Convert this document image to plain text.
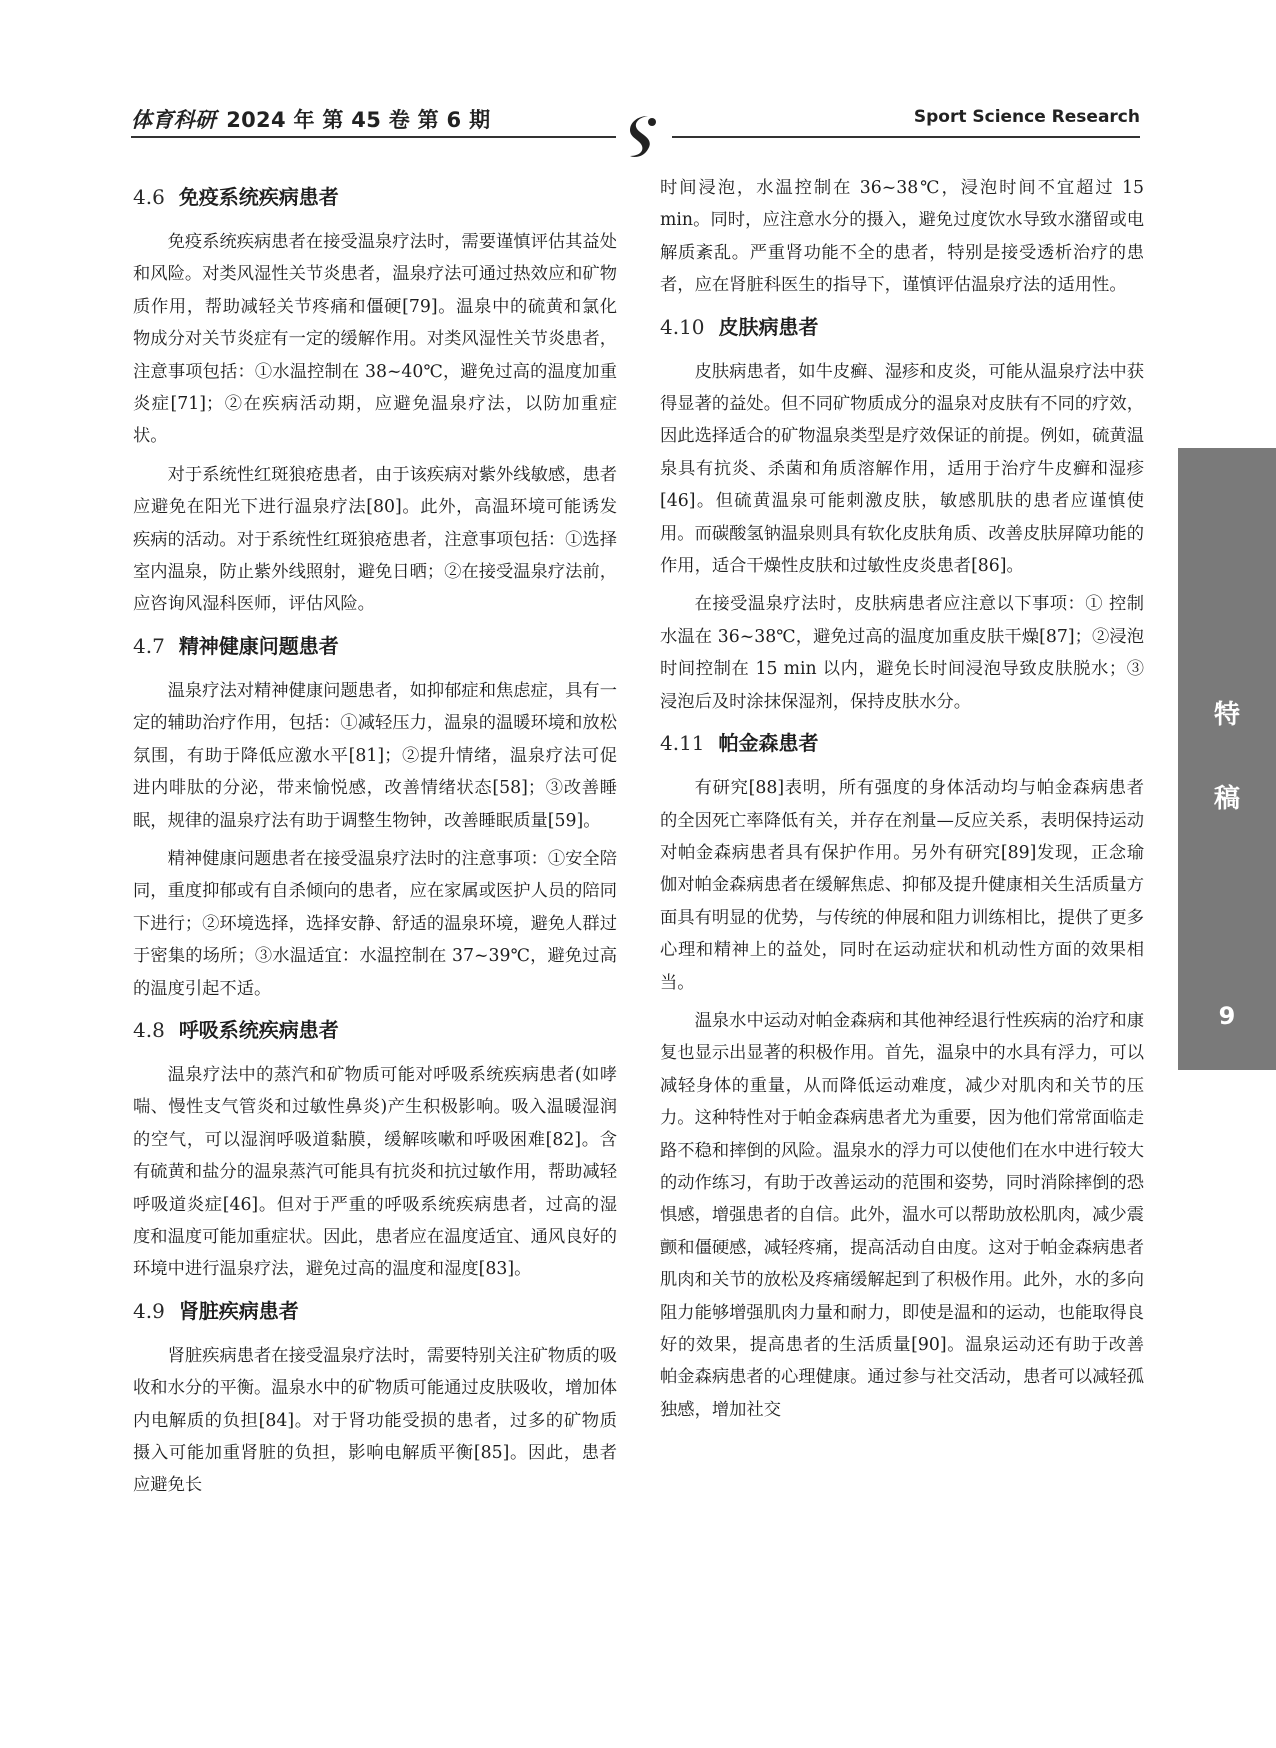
体育科研 2024 年 第 45 卷 第 6 期	Sport Science Research
4.6 免疫系统疾病患者

免疫系统疾病患者在接受温泉疗法时，需要谨慎评估其益处和风险。对类风湿性关节炎患者，温泉疗法可通过热效应和矿物质作用，帮助减轻关节疼痛和僵硬[79]。温泉中的硫黄和氯化物成分对关节炎症有一定的缓解作用。对类风湿性关节炎患者，注意事项包括：①水温控制在 38~40℃，避免过高的温度加重炎症[71]；②在疾病活动期，应避免温泉疗法，以防加重症状。

对于系统性红斑狼疮患者，由于该疾病对紫外线敏感，患者应避免在阳光下进行温泉疗法[80]。此外，高温环境可能诱发疾病的活动。对于系统性红斑狼疮患者，注意事项包括：①选择室内温泉，防止紫外线照射，避免日晒；②在接受温泉疗法前，应咨询风湿科医师，评估风险。

4.7 精神健康问题患者

温泉疗法对精神健康问题患者，如抑郁症和焦虑症，具有一定的辅助治疗作用，包括：①减轻压力，温泉的温暖环境和放松氛围，有助于降低应激水平[81]；②提升情绪，温泉疗法可促进内啡肽的分泌，带来愉悦感，改善情绪状态[58]；③改善睡眠，规律的温泉疗法有助于调整生物钟，改善睡眠质量[59]。

精神健康问题患者在接受温泉疗法时的注意事项：①安全陪同，重度抑郁或有自杀倾向的患者，应在家属或医护人员的陪同下进行；②环境选择，选择安静、舒适的温泉环境，避免人群过于密集的场所；③水温适宜：水温控制在 37~39℃，避免过高的温度引起不适。

4.8 呼吸系统疾病患者

温泉疗法中的蒸汽和矿物质可能对呼吸系统疾病患者(如哮喘、慢性支气管炎和过敏性鼻炎)产生积极影响。吸入温暖湿润的空气，可以湿润呼吸道黏膜，缓解咳嗽和呼吸困难[82]。含有硫黄和盐分的温泉蒸汽可能具有抗炎和抗过敏作用，帮助减轻呼吸道炎症[46]。但对于严重的呼吸系统疾病患者，过高的湿度和温度可能加重症状。因此，患者应在温度适宜、通风良好的环境中进行温泉疗法，避免过高的温度和湿度[83]。

4.9 肾脏疾病患者

肾脏疾病患者在接受温泉疗法时，需要特别关注矿物质的吸收和水分的平衡。温泉水中的矿物质可能通过皮肤吸收，增加体内电解质的负担[84]。对于肾功能受损的患者，过多的矿物质摄入可能加重肾脏的负担，影响电解质平衡[85]。因此，患者应避免长

时间浸泡，水温控制在 36~38℃，浸泡时间不宜超过 15 min。同时，应注意水分的摄入，避免过度饮水导致水潴留或电解质紊乱。严重肾功能不全的患者，特别是接受透析治疗的患者，应在肾脏科医生的指导下，谨慎评估温泉疗法的适用性。

4.10 皮肤病患者

皮肤病患者，如牛皮癣、湿疹和皮炎，可能从温泉疗法中获得显著的益处。但不同矿物质成分的温泉对皮肤有不同的疗效，因此选择适合的矿物温泉类型是疗效保证的前提。例如，硫黄温泉具有抗炎、杀菌和角质溶解作用，适用于治疗牛皮癣和湿疹[46]。但硫黄温泉可能刺激皮肤，敏感肌肤的患者应谨慎使用。而碳酸氢钠温泉则具有软化皮肤角质、改善皮肤屏障功能的作用，适合干燥性皮肤和过敏性皮炎患者[86]。

在接受温泉疗法时，皮肤病患者应注意以下事项：① 控制水温在 36~38℃，避免过高的温度加重皮肤干燥[87]；②浸泡时间控制在 15 min 以内，避免长时间浸泡导致皮肤脱水；③浸泡后及时涂抹保湿剂，保持皮肤水分。

4.11 帕金森患者

有研究[88]表明，所有强度的身体活动均与帕金森病患者的全因死亡率降低有关，并存在剂量—反应关系，表明保持运动对帕金森病患者具有保护作用。另外有研究[89]发现，正念瑜伽对帕金森病患者在缓解焦虑、抑郁及提升健康相关生活质量方面具有明显的优势，与传统的伸展和阻力训练相比，提供了更多心理和精神上的益处，同时在运动症状和机动性方面的效果相当。

温泉水中运动对帕金森病和其他神经退行性疾病的治疗和康复也显示出显著的积极作用。首先，温泉中的水具有浮力，可以减轻身体的重量，从而降低运动难度，减少对肌肉和关节的压力。这种特性对于帕金森病患者尤为重要，因为他们常常面临走路不稳和摔倒的风险。温泉水的浮力可以使他们在水中进行较大的动作练习，有助于改善运动的范围和姿势，同时消除摔倒的恐惧感，增强患者的自信。此外，温水可以帮助放松肌肉，减少震颤和僵硬感，减轻疼痛，提高活动自由度。这对于帕金森病患者肌肉和关节的放松及疼痛缓解起到了积极作用。此外，水的多向阻力能够增强肌肉力量和耐力，即使是温和的运动，也能取得良好的效果，提高患者的生活质量[90]。温泉运动还有助于改善帕金森病患者的心理健康。通过参与社交活动，患者可以减轻孤独感，增加社交

特
稿
9
